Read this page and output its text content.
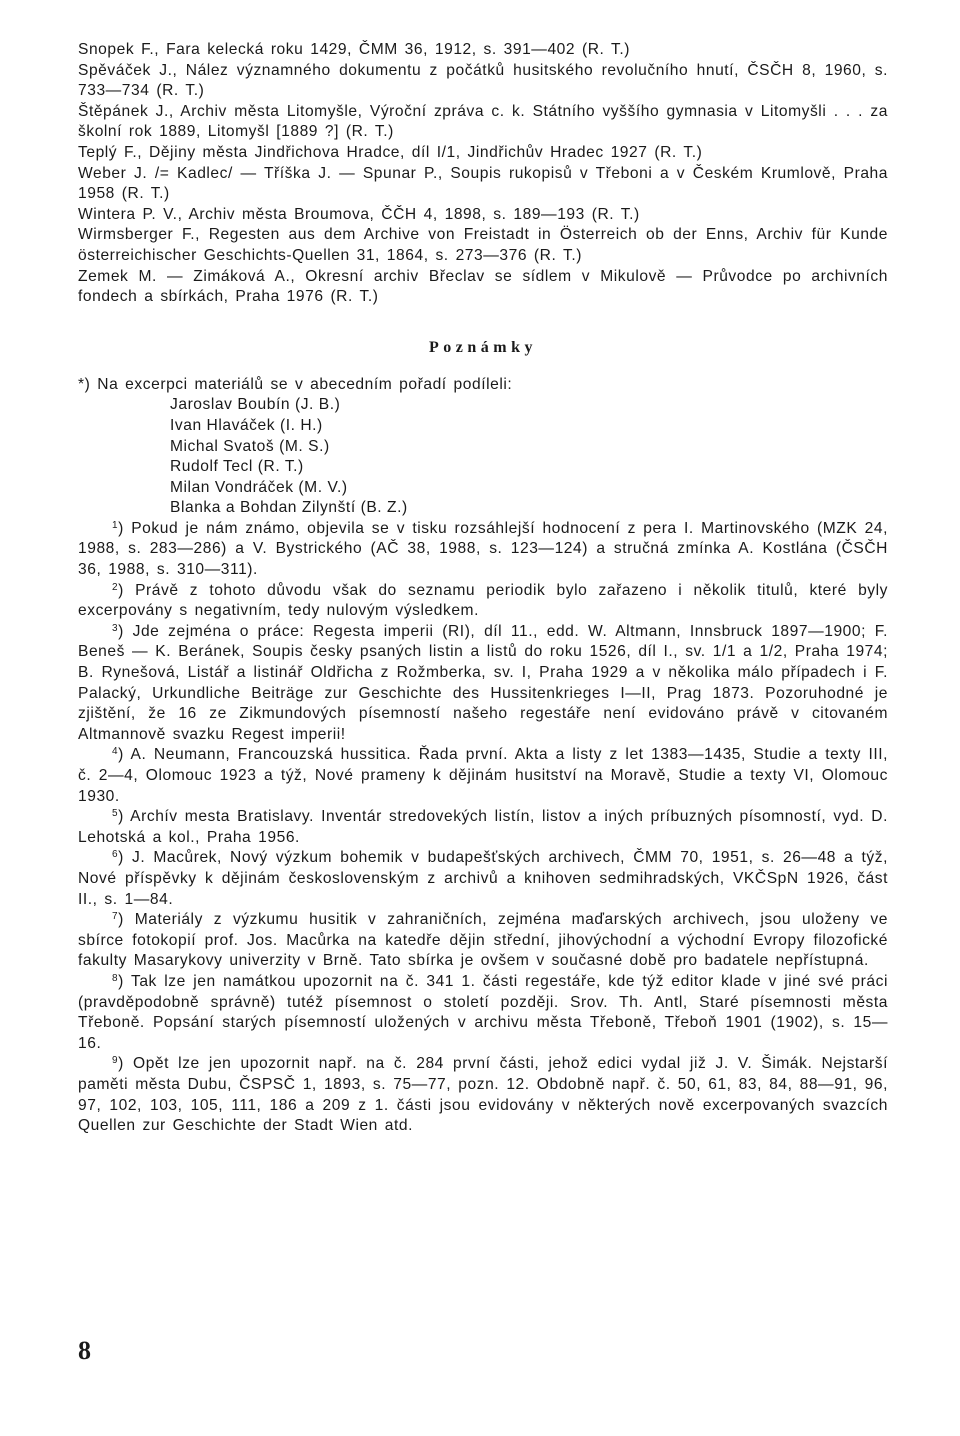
Snopek F., Fara kelecká roku 1429, ČMM 36, 1912, s. 391—402 (R. T.)
Spěváček J., Nález významného dokumentu z počátků husitského revolučního hnutí, ČSČH 8, 1960, s. 733—734 (R. T.)
Štěpánek J., Archiv města Litomyšle, Výroční zpráva c. k. Státního vyššího gymnasia v Litomyšli . . . za školní rok 1889, Litomyšl [1889 ?] (R. T.)
Teplý F., Dějiny města Jindřichova Hradce, díl I/1, Jindřichův Hradec 1927 (R. T.)
Weber J. /= Kadlec/ — Tříška J. — Spunar P., Soupis rukopisů v Třeboni a v Českém Krumlově, Praha 1958 (R. T.)
Wintera P. V., Archiv města Broumova, ČČH 4, 1898, s. 189—193 (R. T.)
Wirmsberger F., Regesten aus dem Archive von Freistadt in Österreich ob der Enns, Archiv für Kunde österreichischer Geschichts-Quellen 31, 1864, s. 273—376 (R. T.)
Zemek M. — Zimáková A., Okresní archiv Břeclav se sídlem v Mikulově — Průvodce po archivních fondech a sbírkách, Praha 1976 (R. T.)
Poznámky
*) Na excerpci materiálů se v abecedním pořadí podíleli:
Jaroslav Boubín (J. B.)
Ivan Hlaváček (I. H.)
Michal Svatoš (M. S.)
Rudolf Tecl (R. T.)
Milan Vondráček (M. V.)
Blanka a Bohdan Zilynští (B. Z.)
$^1$) Pokud je nám známo, objevila se v tisku rozsáhlejší hodnocení z pera I. Martinovského (MZK 24, 1988, s. 283—286) a V. Bystrického (AČ 38, 1988, s. 123—124) a stručná zmínka A. Kostlána (ČSČH 36, 1988, s. 310—311).
$^2$) Právě z tohoto důvodu však do seznamu periodik bylo zařazeno i několik titulů, které byly excerpovány s negativním, tedy nulovým výsledkem.
$^3$) Jde zejména o práce: Regesta imperii (RI), díl 11., edd. W. Altmann, Innsbruck 1897—1900; F. Beneš — K. Beránek, Soupis česky psaných listin a listů do roku 1526, díl I., sv. 1/1 a 1/2, Praha 1974; B. Rynešová, Listář a listinář Oldřicha z Rožmberka, sv. I, Praha 1929 a v několika málo případech i F. Palacký, Urkundliche Beiträge zur Geschichte des Hussitenkrieges I—II, Prag 1873. Pozoruhodné je zjištění, že 16 ze Zikmundových písemností našeho regestáře není evidováno právě v citovaném Altmannově svazku Regest imperii!
$^4$) A. Neumann, Francouzská hussitica. Řada první. Akta a listy z let 1383—1435, Studie a texty III, č. 2—4, Olomouc 1923 a týž, Nové prameny k dějinám husitství na Moravě, Studie a texty VI, Olomouc 1930.
$^5$) Archív mesta Bratislavy. Inventár stredovekých listín, listov a iných príbuzných písomností, vyd. D. Lehotská a kol., Praha 1956.
$^6$) J. Macůrek, Nový výzkum bohemik v budapešťských archivech, ČMM 70, 1951, s. 26—48 a týž, Nové příspěvky k dějinám československým z archivů a knihoven sedmihradských, VKČSpN 1926, část II., s. 1—84.
$^7$) Materiály z výzkumu husitik v zahraničních, zejména maďarských archivech, jsou uloženy ve sbírce fotokopií prof. Jos. Macůrka na katedře dějin střední, jihovýchodní a východní Evropy filozofické fakulty Masarykovy univerzity v Brně. Tato sbírka je ovšem v současné době pro badatele nepřístupná.
$^8$) Tak lze jen namátkou upozornit na č. 341 1. části regestáře, kde týž editor klade v jiné své práci (pravděpodobně správně) tutéž písemnost o století později. Srov. Th. Antl, Staré písemnosti města Třeboně. Popsání starých písemností uložených v archivu města Třeboně, Třeboň 1901 (1902), s. 15—16.
$^9$) Opět lze jen upozornit např. na č. 284 první části, jehož edici vydal již J. V. Šimák. Nejstarší paměti města Dubu, ČSPSČ 1, 1893, s. 75—77, pozn. 12. Obdobně např. č. 50, 61, 83, 84, 88—91, 96, 97, 102, 103, 105, 111, 186 a 209 z 1. části jsou evidovány v některých nově excerpovaných svazcích Quellen zur Geschichte der Stadt Wien atd.
8
